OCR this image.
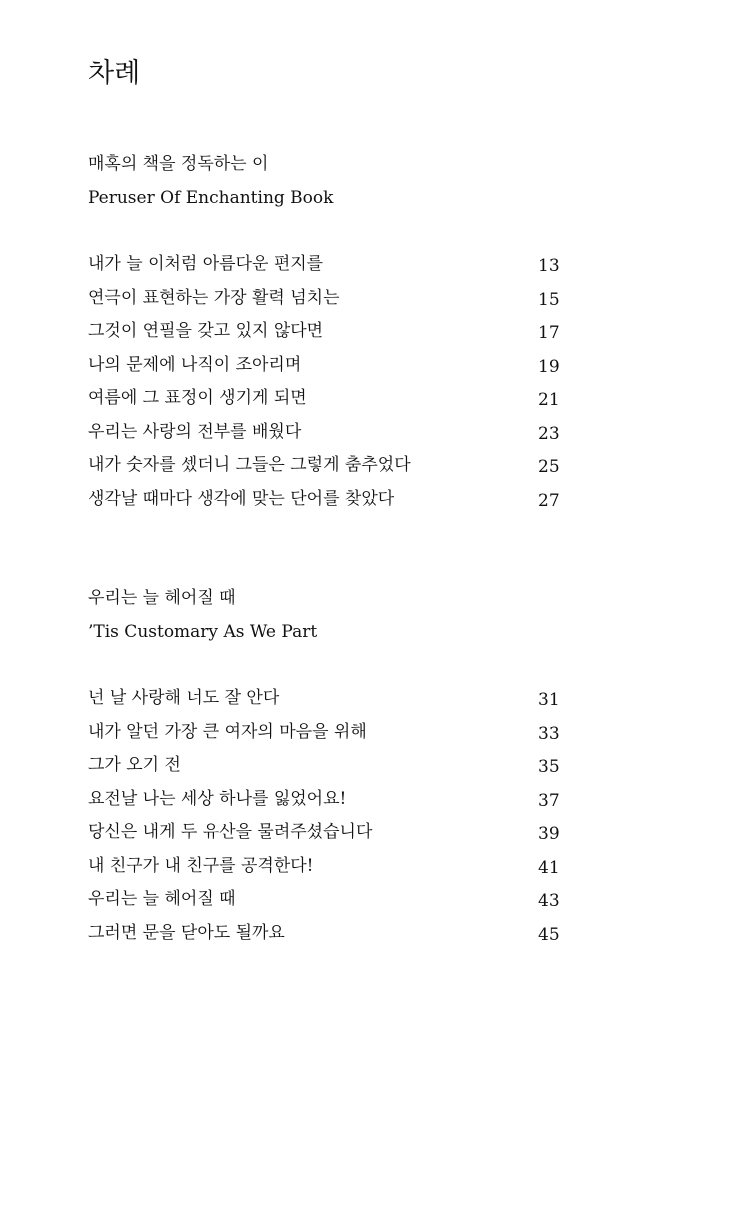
차례
매혹의 책을 정독하는 이
Peruser Of Enchanting Book
내가 늘 이처럼 아름다운 편지를	13
연극이 표현하는 가장 활력 넘치는	15
그것이 연필을 갖고 있지 않다면	17
나의 문제에 나직이 조아리며	19
여름에 그 표정이 생기게 되면	21
우리는 사랑의 전부를 배웠다	23
내가 숫자를 셌더니 그들은 그렇게 춤추었다	25
생각날 때마다 생각에 맞는 단어를 찾았다	27
우리는 늘 헤어질 때
’Tis Customary As We Part
넌 날 사랑해 너도 잘 안다	31
내가 알던 가장 큰 여자의 마음을 위해	33
그가 오기 전	35
요전날 나는 세상 하나를 잃었어요!	37
당신은 내게 두 유산을 물려주셨습니다	39
내 친구가 내 친구를 공격한다!	41
우리는 늘 헤어질 때	43
그러면 문을 닫아도 될까요	45
